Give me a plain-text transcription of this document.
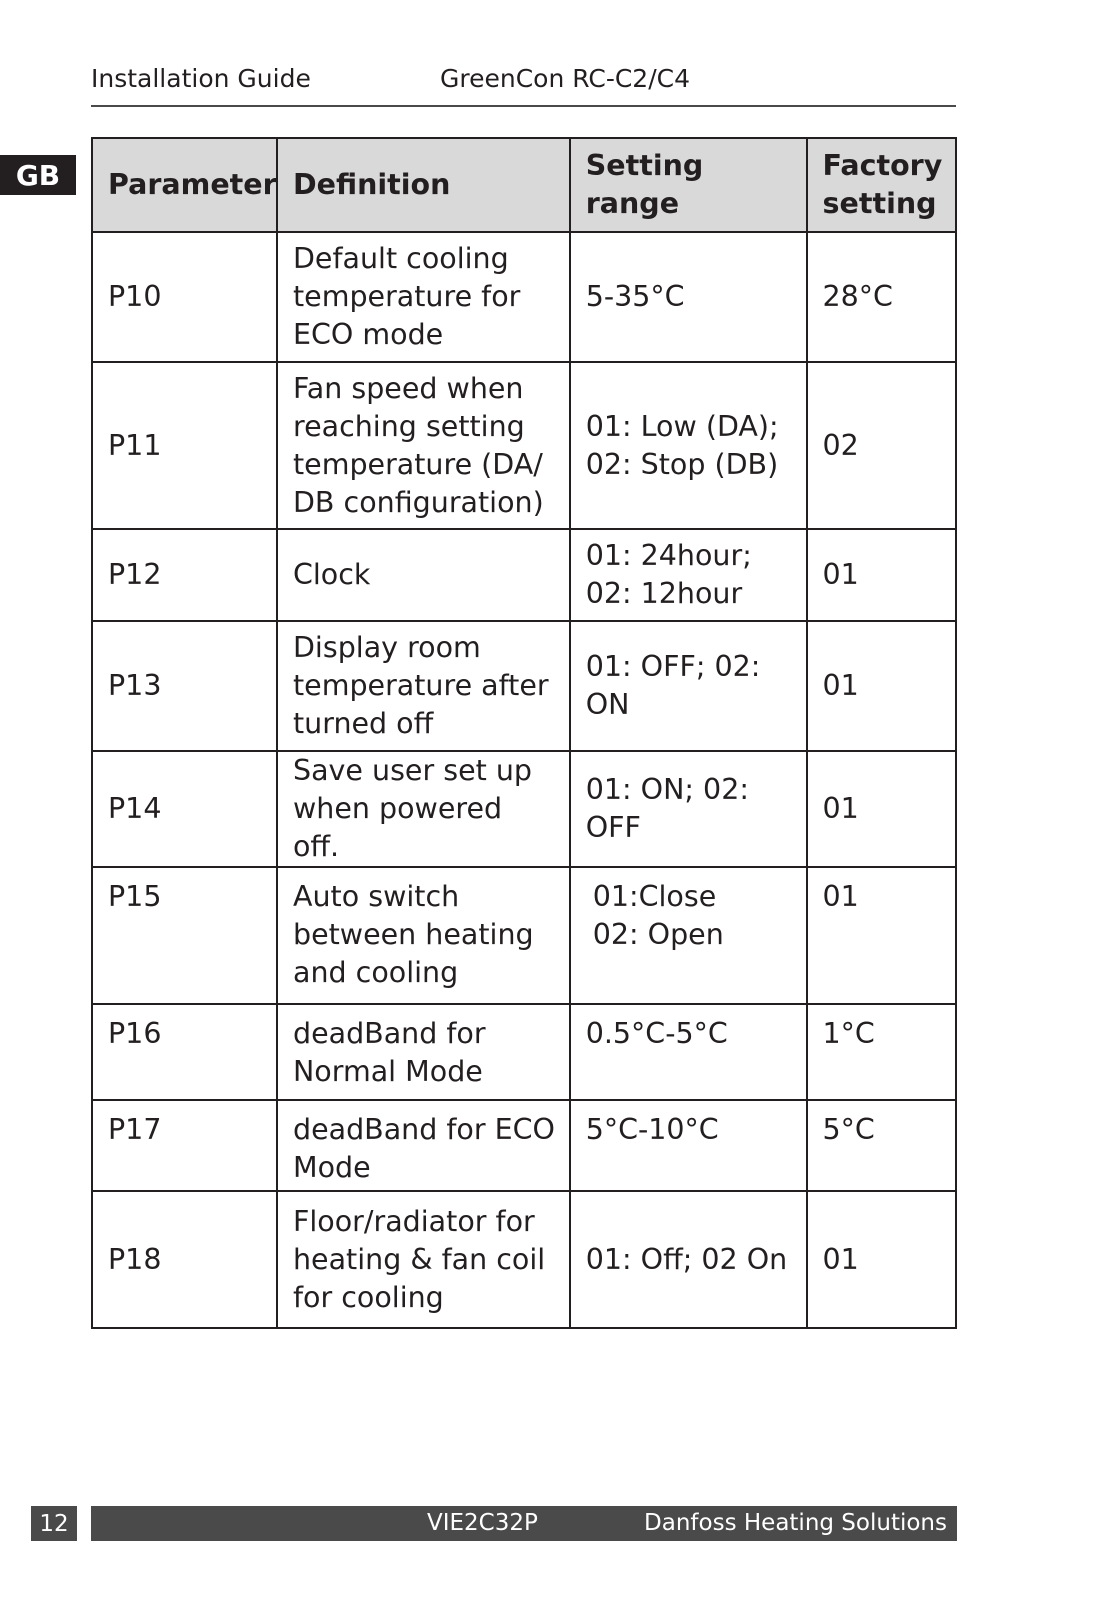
Installation Guide	GreenCon RC-C2/C4
GB	Parameter	Definition	Setting range	Factory setting
P10	Default cooling
temperature for
ECO mode	5-35°C	28°C
P11	Fan speed when
reaching setting
temperature (DA/
DB configuration)	01: Low (DA);
02: Stop (DB)	02
P12	Clock	01: 24hour;
02: 12hour	01
P13	Display room
temperature after
turned off	01: OFF; 02: ON	01
P14	Save user set up
when powered off.	01: ON; 02: OFF	01
P15	Auto switch
between heating
and cooling	01:Close
02: Open	01
P16	deadBand for
Normal Mode	0.5°C-5°C	1°C
P17	deadBand for ECO
Mode	5°C-10°C	5°C
P18	Floor/radiator for
heating & fan coil
for cooling	01: Off; 02 On	01
12	VIE2C32P	Danfoss Heating Solutions
